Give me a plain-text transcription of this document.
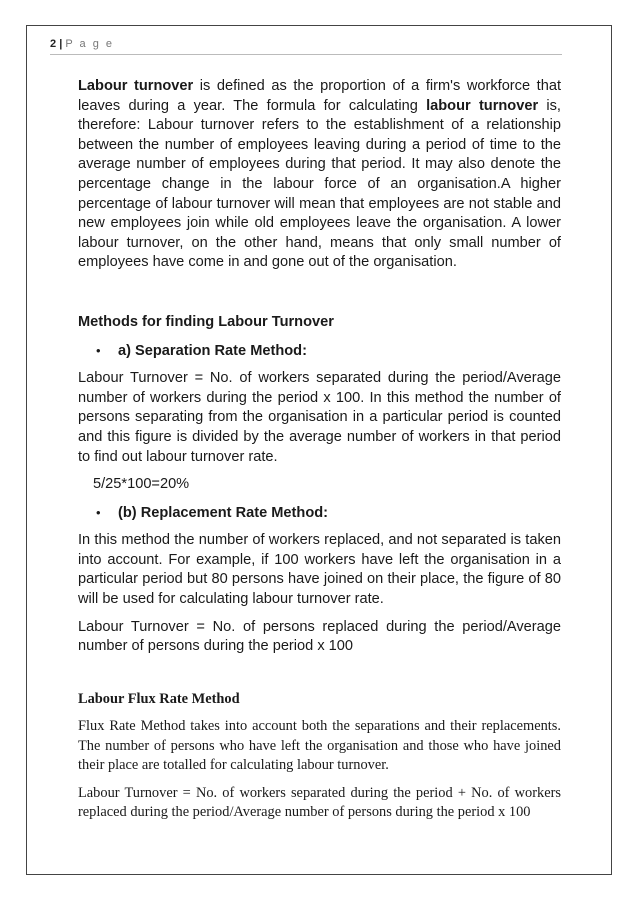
2 | P a g e

Labour turnover is defined as the proportion of a firm's workforce that leaves during a year. The formula for calculating labour turnover is, therefore: Labour turnover refers to the establishment of a relationship between the number of employees leaving during a period of time to the average number of employees during that period. It may also denote the percentage change in the labour force of an organisation.A higher percentage of labour turnover will mean that employees are not stable and new employees join while old employees leave the organisation. A lower labour turnover, on the other hand, means that only small number of employees have come in and gone out of the organisation.

Methods for finding Labour Turnover

•	a) Separation Rate Method:

Labour Turnover = No. of workers separated during the period/Average number of workers during the period x 100. In this method the number of persons separating from the organisation in a particular period is counted and this figure is divided by the average number of workers in that period to find out labour turnover rate.

5/25*100=20%

•	(b) Replacement Rate Method:

In this method the number of workers replaced, and not separated is taken into account. For example, if 100 workers have left the organisation in a particular period but 80 persons have joined on their place, the figure of 80 will be used for calculating labour turnover rate.

Labour Turnover = No. of persons replaced during the period/Average number of persons during the period x 100

Labour Flux Rate Method

Flux Rate Method takes into account both the separations and their replacements. The number of persons who have left the organisation and those who have joined their place are totalled for calculating labour turnover.

Labour Turnover = No. of workers separated during the period + No. of workers replaced during the period/Average number of persons during the period x 100
